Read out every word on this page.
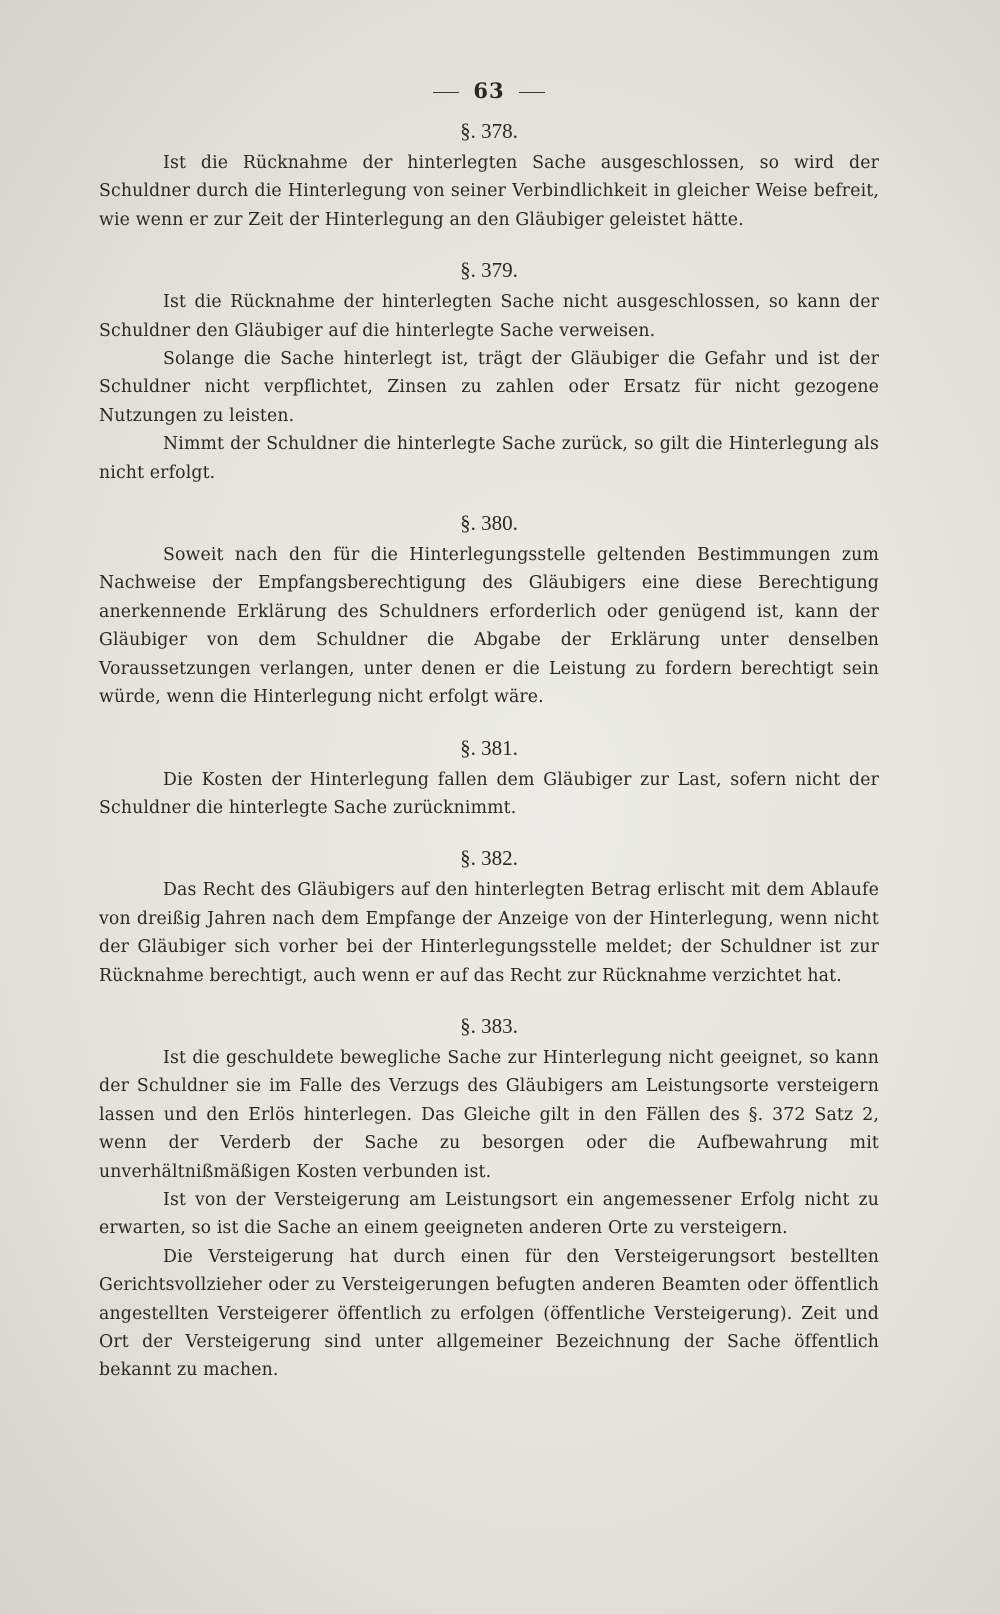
63
§. 378.

Ist die Rücknahme der hinterlegten Sache ausgeschlossen, so wird der Schuldner durch die Hinterlegung von seiner Verbindlichkeit in gleicher Weise befreit, wie wenn er zur Zeit der Hinterlegung an den Gläubiger geleistet hätte.

§. 379.

Ist die Rücknahme der hinterlegten Sache nicht ausgeschlossen, so kann der Schuldner den Gläubiger auf die hinterlegte Sache verweisen.

Solange die Sache hinterlegt ist, trägt der Gläubiger die Gefahr und ist der Schuldner nicht verpflichtet, Zinsen zu zahlen oder Ersatz für nicht gezogene Nutzungen zu leisten.

Nimmt der Schuldner die hinterlegte Sache zurück, so gilt die Hinterlegung als nicht erfolgt.

§. 380.

Soweit nach den für die Hinterlegungsstelle geltenden Bestimmungen zum Nachweise der Empfangsberechtigung des Gläubigers eine diese Berechtigung anerkennende Erklärung des Schuldners erforderlich oder genügend ist, kann der Gläubiger von dem Schuldner die Abgabe der Erklärung unter denselben Voraussetzungen verlangen, unter denen er die Leistung zu fordern berechtigt sein würde, wenn die Hinterlegung nicht erfolgt wäre.

§. 381.

Die Kosten der Hinterlegung fallen dem Gläubiger zur Last, sofern nicht der Schuldner die hinterlegte Sache zurücknimmt.

§. 382.

Das Recht des Gläubigers auf den hinterlegten Betrag erlischt mit dem Ablaufe von dreißig Jahren nach dem Empfange der Anzeige von der Hinterlegung, wenn nicht der Gläubiger sich vorher bei der Hinterlegungsstelle meldet; der Schuldner ist zur Rücknahme berechtigt, auch wenn er auf das Recht zur Rücknahme verzichtet hat.

§. 383.

Ist die geschuldete bewegliche Sache zur Hinterlegung nicht geeignet, so kann der Schuldner sie im Falle des Verzugs des Gläubigers am Leistungsorte versteigern lassen und den Erlös hinterlegen. Das Gleiche gilt in den Fällen des §. 372 Satz 2, wenn der Verderb der Sache zu besorgen oder die Aufbewahrung mit unverhältnißmäßigen Kosten verbunden ist.

Ist von der Versteigerung am Leistungsort ein angemessener Erfolg nicht zu erwarten, so ist die Sache an einem geeigneten anderen Orte zu versteigern.

Die Versteigerung hat durch einen für den Versteigerungsort bestellten Gerichtsvollzieher oder zu Versteigerungen befugten anderen Beamten oder öffentlich angestellten Versteigerer öffentlich zu erfolgen (öffentliche Versteigerung). Zeit und Ort der Versteigerung sind unter allgemeiner Bezeichnung der Sache öffentlich bekannt zu machen.
